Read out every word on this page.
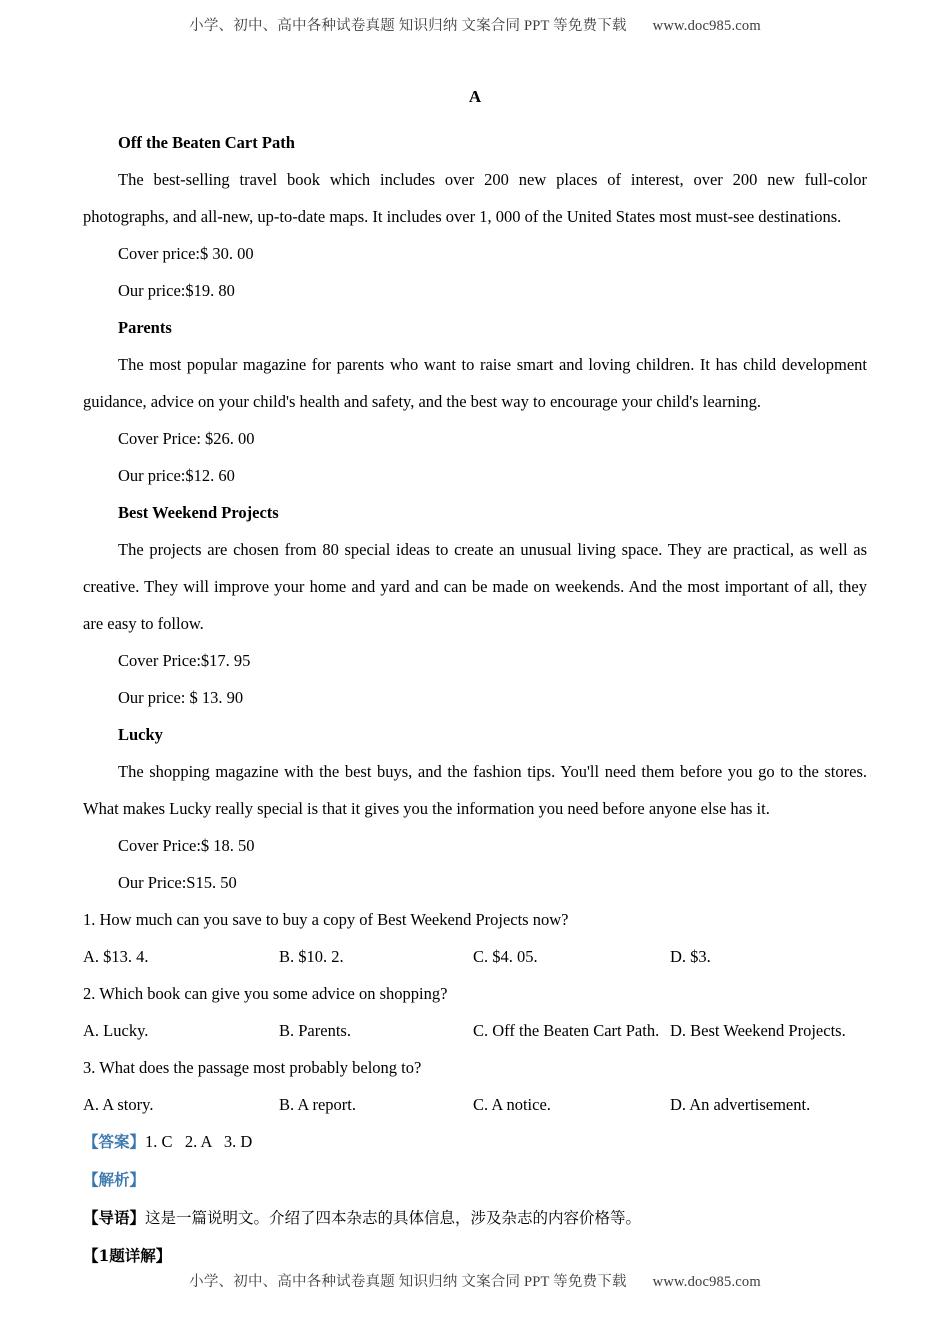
小学、初中、高中各种试卷真题 知识归纳 文案合同 PPT 等免费下载 www.doc985.com
A

Off the Beaten Cart Path

The best-selling travel book which includes over 200 new places of interest, over 200 new full-color photographs, and all-new, up-to-date maps. It includes over 1, 000 of the United States most must-see destinations.

Cover price:$ 30. 00

Our price:$19. 80

Parents

The most popular magazine for parents who want to raise smart and loving children. It has child development guidance, advice on your child's health and safety, and the best way to encourage your child's learning.

Cover Price: $26. 00

Our price:$12. 60

Best Weekend Projects

The projects are chosen from 80 special ideas to create an unusual living space. They are practical, as well as creative. They will improve your home and yard and can be made on weekends. And the most important of all, they are easy to follow.

Cover Price:$17. 95

Our price: $ 13. 90

Lucky

The shopping magazine with the best buys, and the fashion tips. You'll need them before you go to the stores. What makes Lucky really special is that it gives you the information you need before anyone else has it.

Cover Price:$ 18. 50

Our Price:S15. 50

1. How much can you save to buy a copy of Best Weekend Projects now?

A. $13. 4.	B. $10. 2.	C. $4. 05.	D. $3.

2. Which book can give you some advice on shopping?

A. Lucky.	B. Parents.	C. Off the Beaten Cart Path. D. Best Weekend Projects.

3. What does the passage most probably belong to?

A. A story.	B. A report.	C. A notice.	D. An advertisement.

【答案】1. C   2. A   3. D

【解析】

【导语】这是一篇说明文。介绍了四本杂志的具体信息，涉及杂志的内容价格等。

【1题详解】

小学、初中、高中各种试卷真题 知识归纳 文案合同 PPT 等免费下载 www.doc985.com
